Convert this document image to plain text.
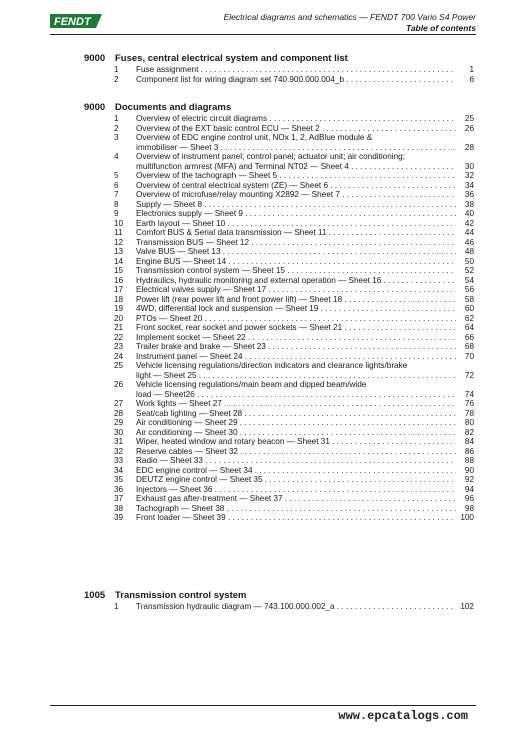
FENDT	Electrical diagrams and schematics — FENDT 700 Vario S4 Power
Table of contents
9000 Fuses, central electrical system and component list
1	Fuse assignment . . .	1
2	Component list for wiring diagram set 740.900.000.004_b . . .	6
9000 Documents and diagrams
1	Overview of electric circuit diagrams . . .	25
2	Overview of the EXT basic control ECU — Sheet 2 . . .	26
3	Overview of EDC engine control unit, NOx 1, 2, AdBlue module &
immobiliser — Sheet 3 . . .	28
4	Overview of instrument panel; control panel; actuator unit; air conditioning;
multifunction armrest (MFA) and Terminal NT02 — Sheet 4 . . .	30
5	Overview of the tachograph — Sheet 5 . . .	32
6	Overview of central electrical system (ZE) — Sheet 6 . . .	34
7	Overview of microfuse/relay mounting X2892 — Sheet 7 . . .	36
8	Supply — Sheet 8 . . .	38
9	Electronics supply — Sheet 9 . . .	40
10	Earth layout — Sheet 10 . . .	42
11	Comfort BUS & Serial data transmission — Sheet 11 . . .	44
12	Transmission BUS — Sheet 12 . . .	46
13	Valve BUS — Sheet 13 . . .	48
14	Engine BUS — Sheet 14 . . .	50
15	Transmission control system — Sheet 15 . . .	52
16	Hydraulics, hydraulic monitoring and external operation — Sheet 16 . . .	54
17	Electrical valves supply — Sheet 17 . . .	56
18	Power lift (rear power lift and front power lift) — Sheet 18 . . .	58
19	4WD, differential lock and suspension — Sheet 19 . . .	60
20	PTOs — Sheet 20 . . .	62
21	Front socket, rear socket and power sockets — Sheet 21 . . .	64
22	Implement socket — Sheet 22 . . .	66
23	Trailer brake and brake — Sheet 23 . . .	68
24	Instrument panel — Sheet 24 . . .	70
25	Vehicle licensing regulations/direction indicators and clearance lights/brake
light — Sheet 25 . . .	72
26	Vehicle licensing regulations/main beam and dipped beam/wide
load — Sheet26 . . .	74
27	Work lights — Sheet 27 . . .	76
28	Seat/cab lighting — Sheet 28 . . .	78
29	Air conditioning — Sheet 29 . . .	80
30	Air conditioning — Sheet 30 . . .	82
31	Wiper, heated window and rotary beacon — Sheet 31 . . .	84
32	Reserve cables — Sheet 32 . . .	86
33	Radio — Sheet 33 . . .	88
34	EDC engine control — Sheet 34 . . .	90
35	DEUTZ engine control — Sheet 35 . . .	92
36	Injectors — Sheet 36 . . .	94
37	Exhaust gas after-treatment — Sheet 37 . . .	96
38	Tachograph — Sheet 38 . . .	98
39	Front loader — Sheet 39 . . .	100
1005 Transmission control system
1	Transmission hydraulic diagram — 743.100.000.002_a . . .	102
www.epcatalogs.com
